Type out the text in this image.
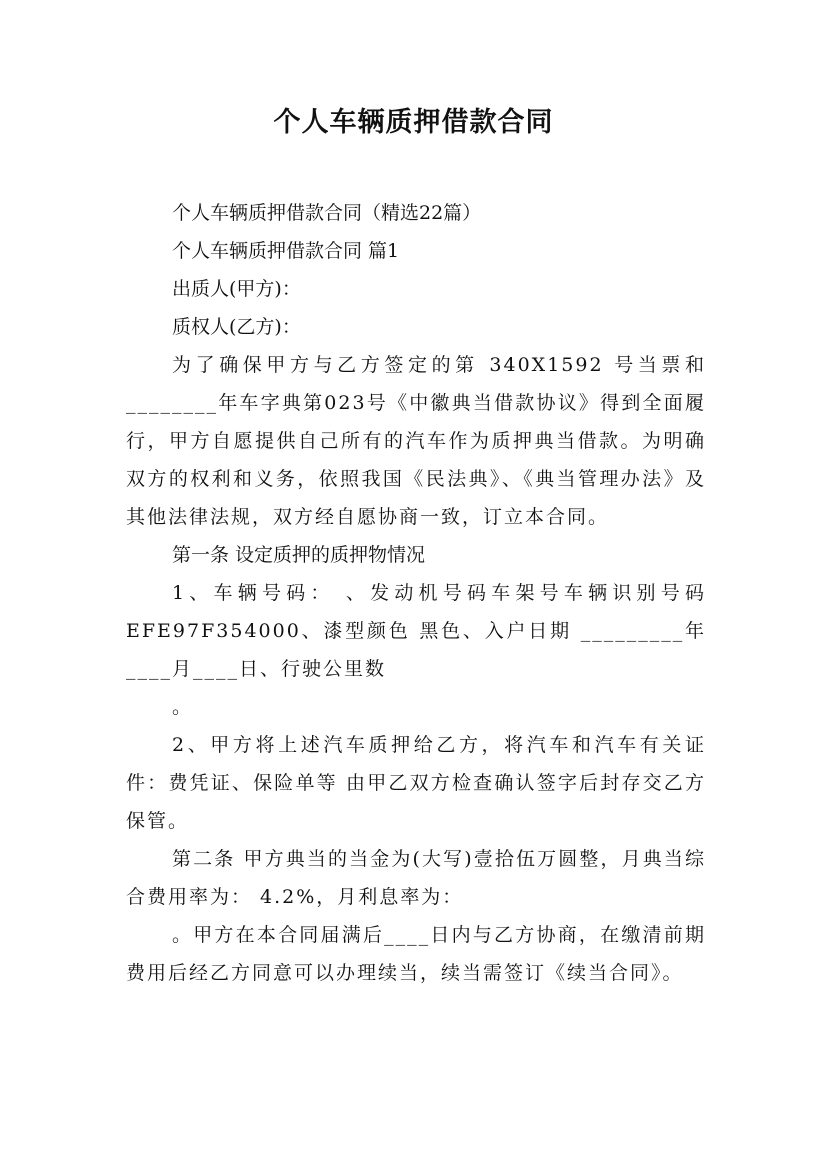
个人车辆质押借款合同

个人车辆质押借款合同（精选22篇）

个人车辆质押借款合同 篇1

出质人(甲方)：

质权人(乙方)：

为了确保甲方与乙方签定的第 340X1592 号当票和________年车字典第023号《中徽典当借款协议》得到全面履行，甲方自愿提供自己所有的汽车作为质押典当借款。为明确双方的权利和义务，依照我国《民法典》、《典当管理办法》及其他法律法规，双方经自愿协商一致，订立本合同。

第一条 设定质押的质押物情况

1、车辆号码： 、发动机号码车架号车辆识别号码EFE97F354000、漆型颜色 黑色、入户日期 _________年____月____日、行驶公里数

。

2、甲方将上述汽车质押给乙方，将汽车和汽车有关证件：费凭证、保险单等 由甲乙双方检查确认签字后封存交乙方保管。

第二条 甲方典当的当金为(大写)壹拾伍万圆整，月典当综合费用率为： 4.2%，月利息率为：

。甲方在本合同届满后____日内与乙方协商，在缴清前期费用后经乙方同意可以办理续当，续当需签订《续当合同》。
